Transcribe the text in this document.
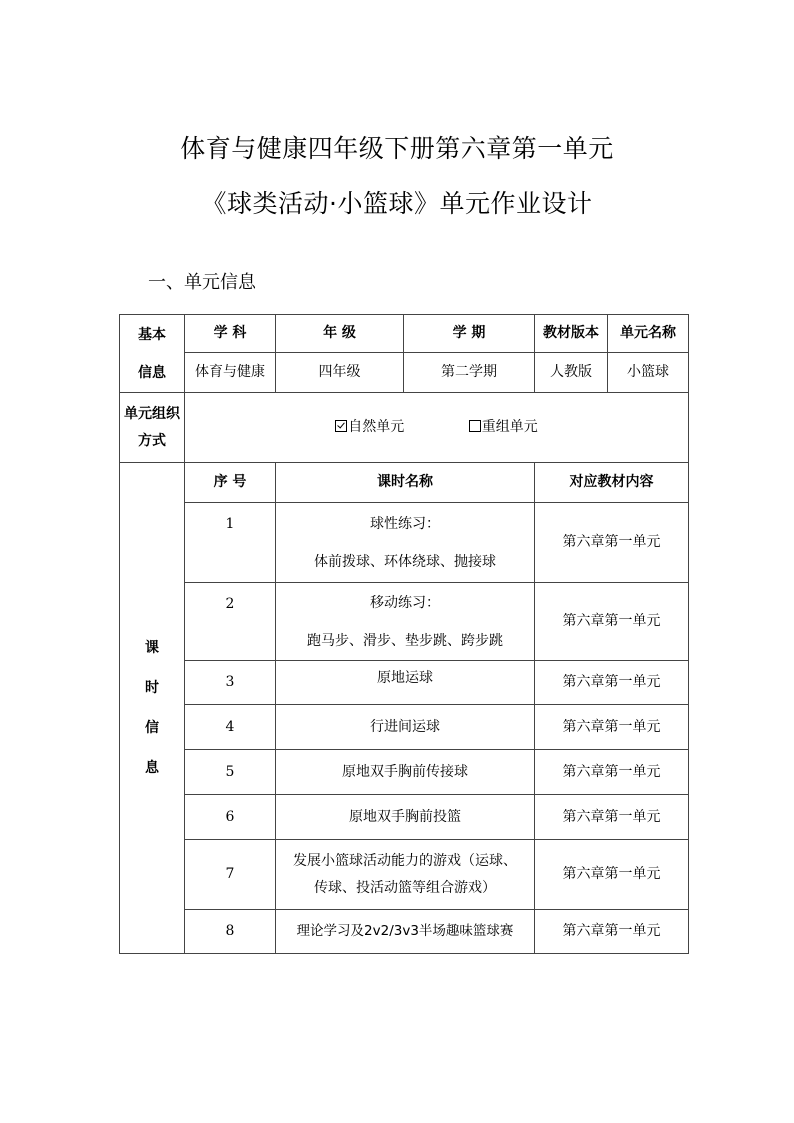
体育与健康四年级下册第六章第一单元
《球类活动·小篮球》单元作业设计
一、单元信息
基本
信息	学 科	年 级	学 期	教材版本	单元名称
	体育与健康	四年级	第二学期	人教版	小篮球

单元组织
方式	自然单元 重组单元				

课
时
信
息	序 号	课时名称		对应教材内容	
	1	球性练习：
体前拨球、环体绕球、抛接球		第六章第一单元	
	2	移动练习：
跑马步、滑步、垫步跳、跨步跳		第六章第一单元	
	3	原地运球		第六章第一单元	
	4	行进间运球		第六章第一单元	
	5	原地双手胸前传接球		第六章第一单元	
	6	原地双手胸前投篮		第六章第一单元	
	7	发展小篮球活动能力的游戏（运球、
传球、投活动篮等组合游戏）		第六章第一单元	
	8	理论学习及2v2/3v3半场趣味篮球赛		第六章第一单元	
